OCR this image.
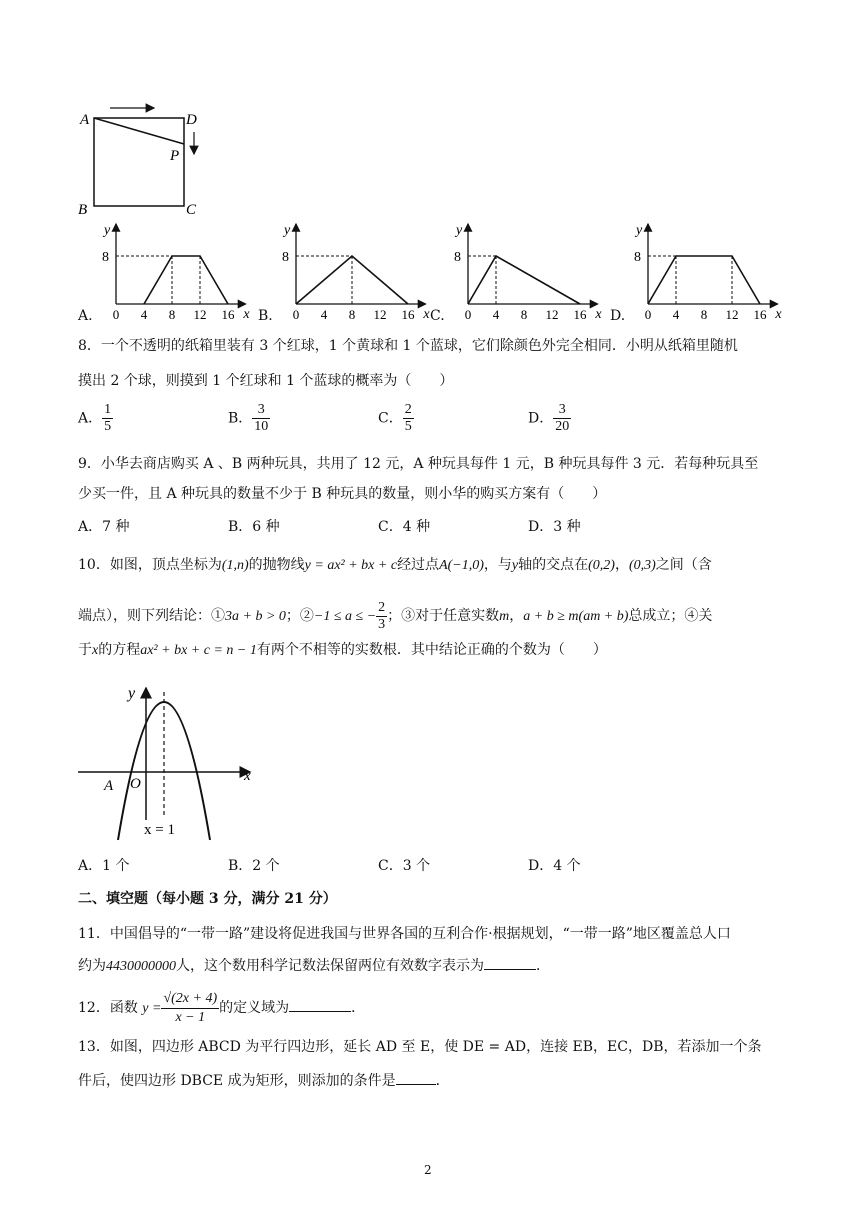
A	D
P
B	C
A.
8
y
x
0 4 8 12 16 B.
8
y
x
0 4 8 12 16 C.
8
y
x
0 4 8 12 16 D.
8
y
x
0 4 8 12 16
8．一个不透明的纸箱里装有 3 个红球，1 个黄球和 1 个蓝球，它们除颜色外完全相同．小明从纸箱里随机
摸出 2 个球，则摸到 1 个红球和 1 个蓝球的概率为（　　）
A． $\frac{1}{5}$	B． $\frac{3}{10}$	C． $\frac{2}{5}$	D． $\frac{3}{20}$
9．小华去商店购买 A 、B 两种玩具，共用了 12 元，A 种玩具每件 1 元，B 种玩具每件 3 元．若每种玩具至
少买一件，且 A 种玩具的数量不少于 B 种玩具的数量，则小华的购买方案有（　　）
A．7 种	B．6 种	C．4 种	D．3 种
10．如图，顶点坐标为(1,n)的抛物线y = ax² + bx + c经过点A(−1,0)，与y轴的交点在(0,2)，(0,3)之间（含
端点），则下列结论：①3a + b > 0；②−1 ≤ a ≤ − $\frac{2}{3}$ ；③对于任意实数m，a + b ≥ m(am + b)总成立；④关
于x的方程ax² + bx + c = n − 1有两个不相等的实数根．其中结论正确的个数为（　　）
y
x
O
A
x = 1
A．1 个	B．2 个	C．3 个	D．4 个
二、填空题（每小题 3 分，满分 21 分）
11．中国倡导的“一带一路”建设将促进我国与世界各国的互利合作·根据规划，“一带一路”地区覆盖总人口
约为4430000000人，这个数用科学记数法保留两位有效数字表示为	．
12．函数 $y = \frac{√(2x + 4)}{x - 1}$ 的定义域为	．
13．如图，四边形 ABCD 为平行四边形，延长 AD 至 E，使 DE = AD，连接 EB，EC，DB，若添加一个条
件后，使四边形 DBCE 成为矩形，则添加的条件是	．
2
